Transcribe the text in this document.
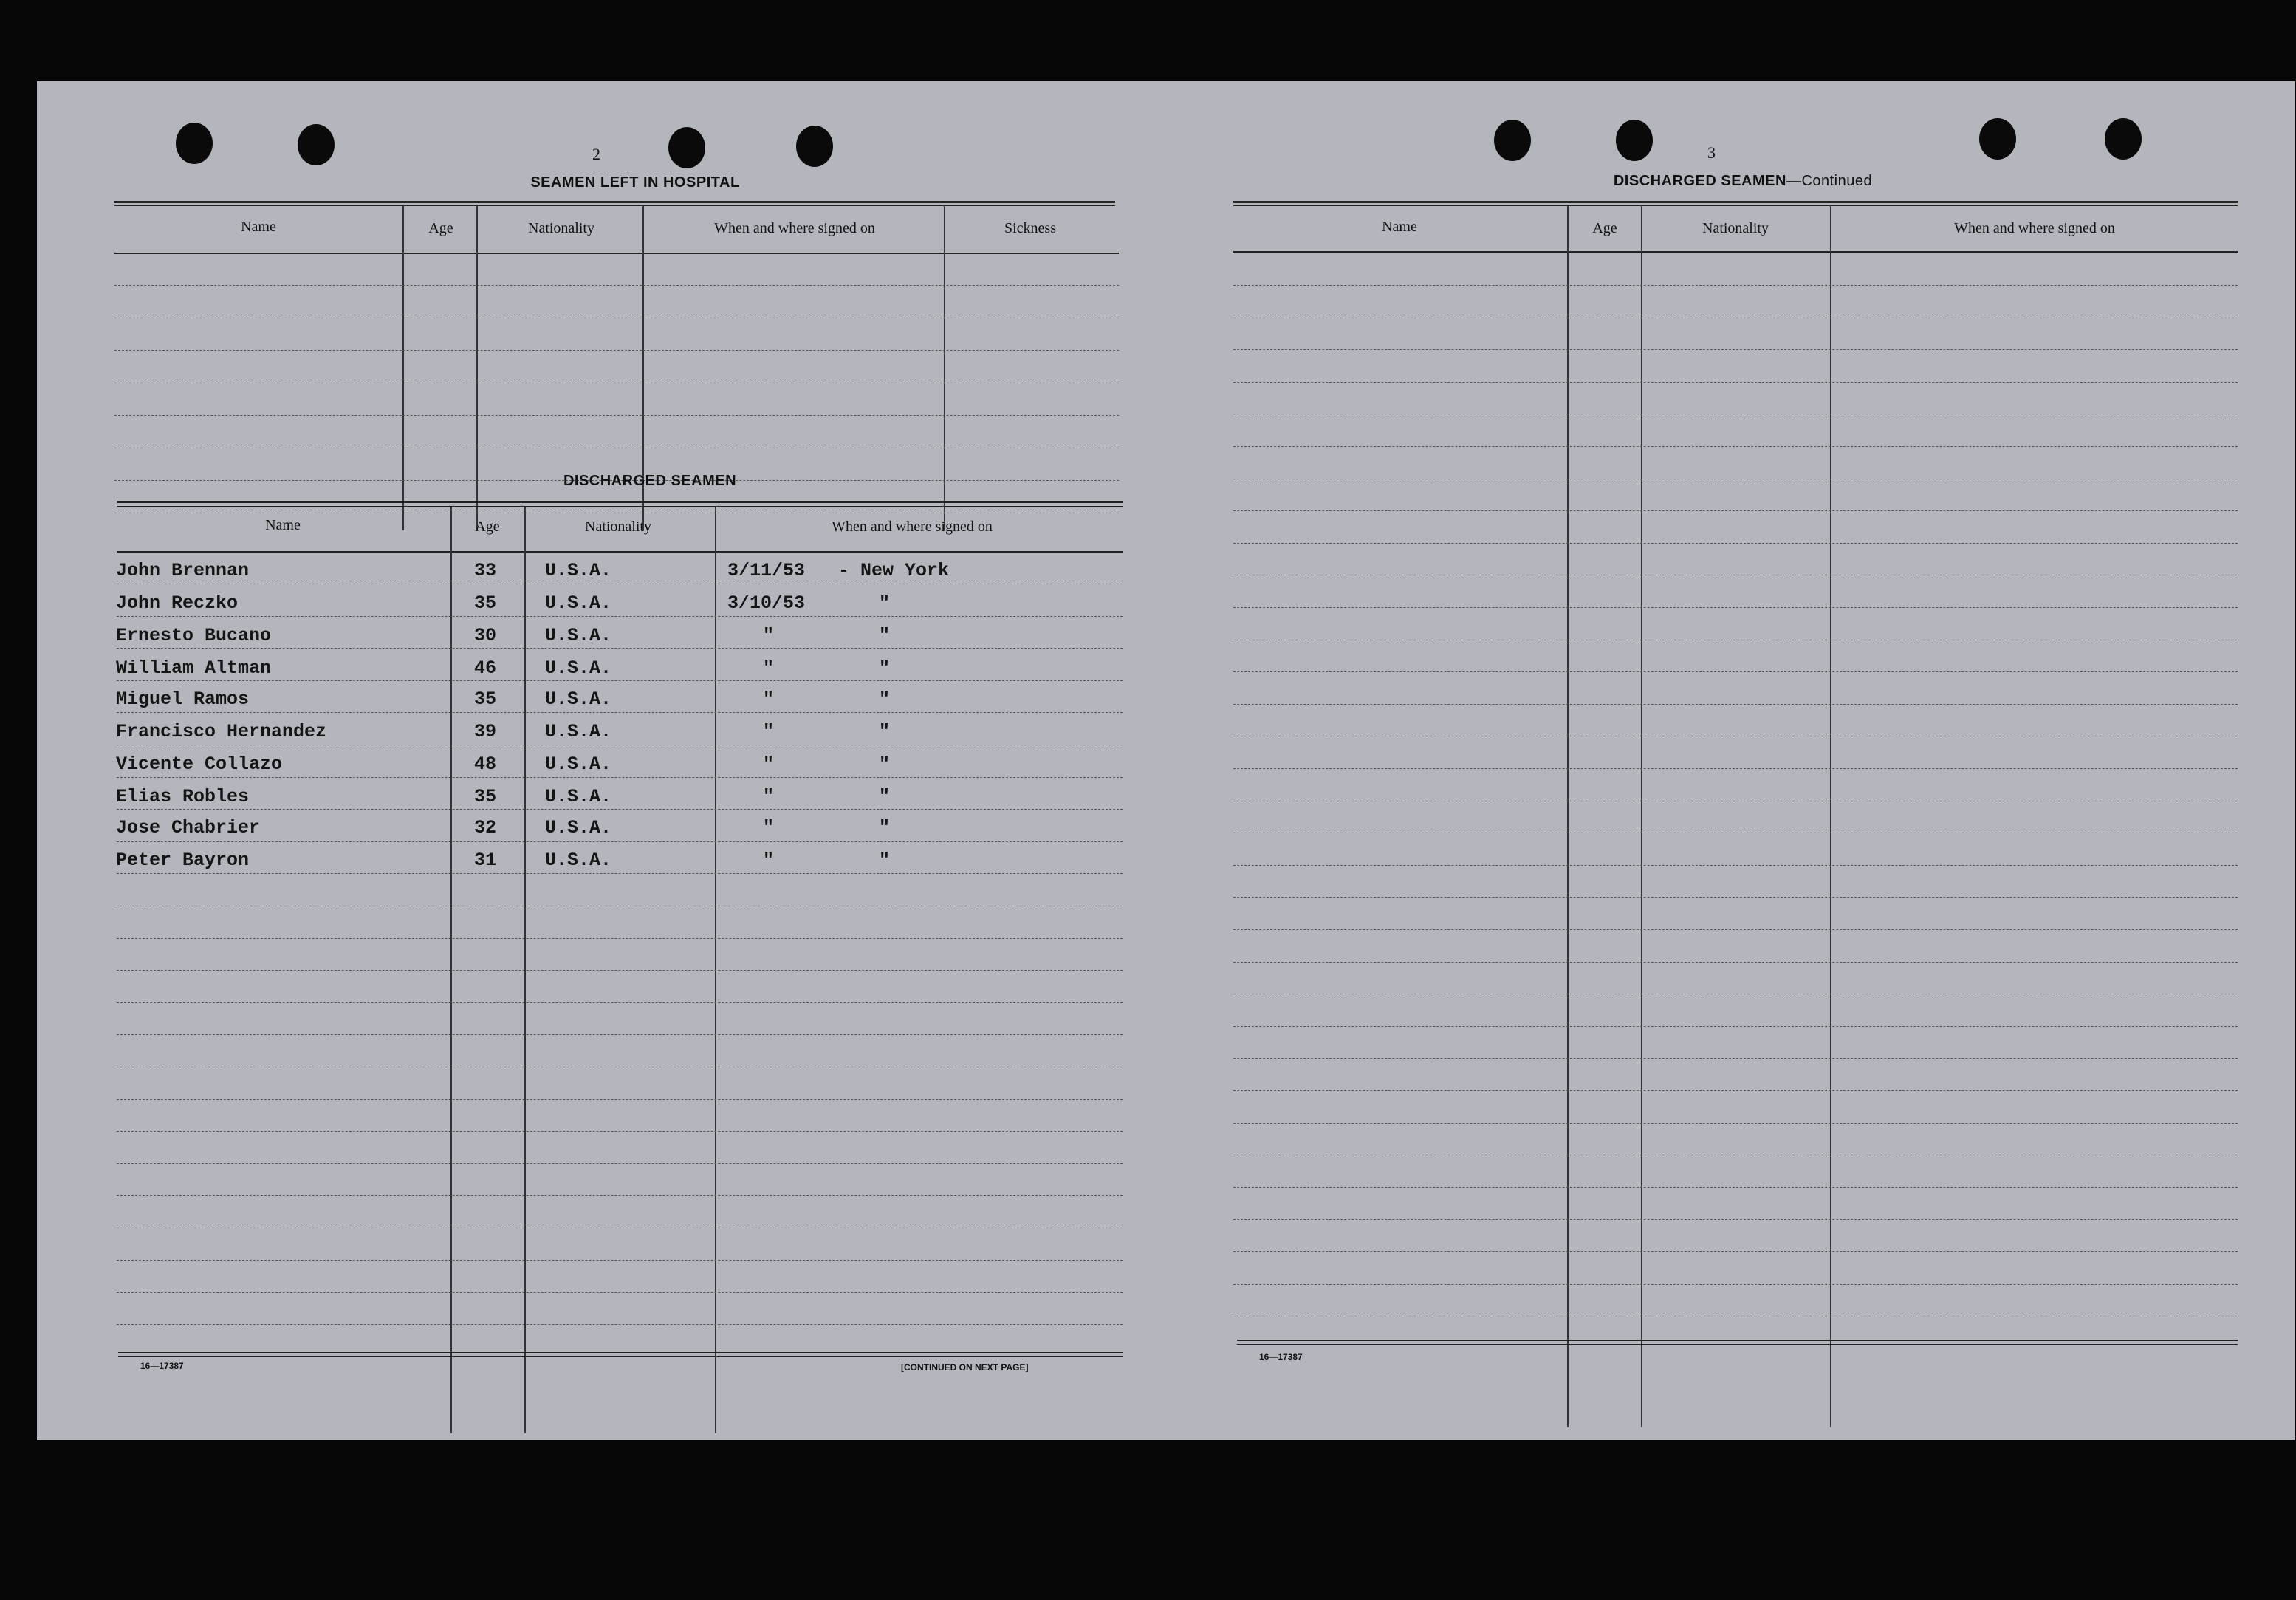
2
SEAMEN LEFT IN HOSPITAL
Name	Age	Nationality	When and where signed on	Sickness
DISCHARGED SEAMEN
Name	Age	Nationality	When and where signed on
John Brennan	33	U.S.A.	3/11/53 - New York
John Reczko	35	U.S.A.	3/10/53	"
Ernesto Bucano	30	U.S.A.	"	"
William Altman	46	U.S.A.	"	"
Miguel Ramos	35	U.S.A.	"	"
Francisco Hernandez	39	U.S.A.	"	"
Vicente Collazo	48	U.S.A.	"	"
Elias Robles	35	U.S.A.	"	"
Jose Chabrier	32	U.S.A.	"	"
Peter Bayron	31	U.S.A.	"	"
16—17387	[CONTINUED ON NEXT PAGE]
3
DISCHARGED SEAMEN—Continued
Name	Age	Nationality	When and where signed on
16—17387
